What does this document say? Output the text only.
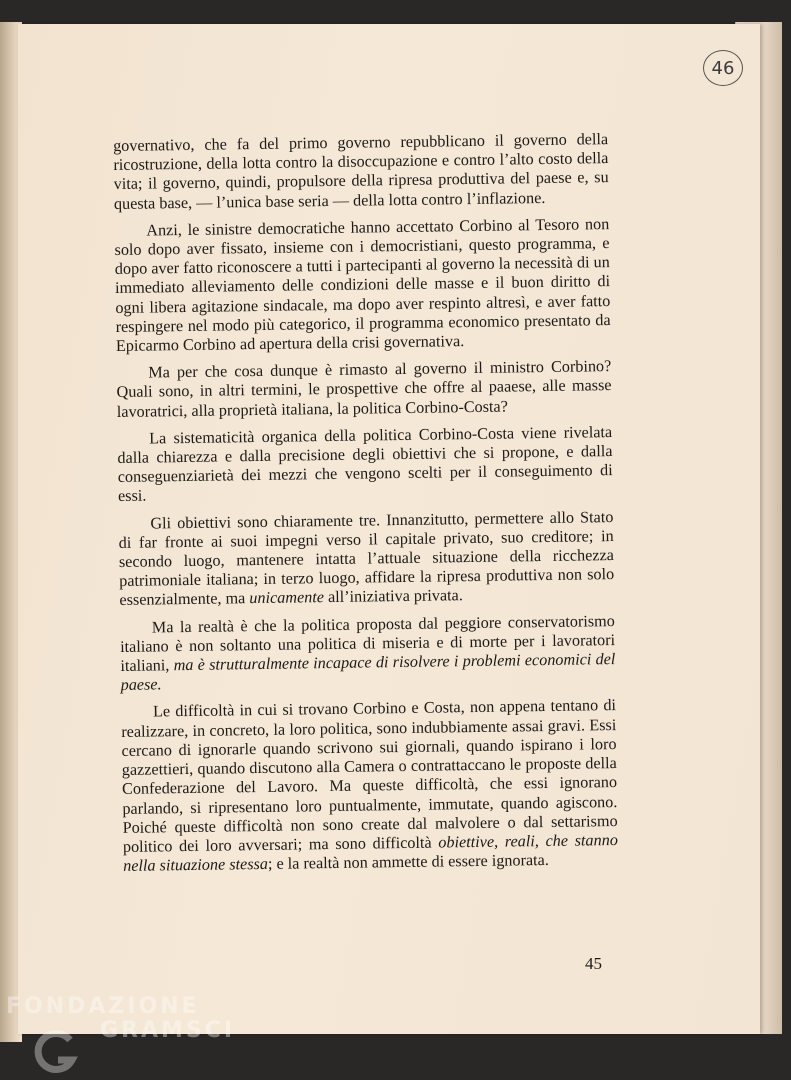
46

governativo, che fa del primo governo repubblicano il governo della ricostruzione, della lotta contro la disoccupazione e contro l’alto costo della vita; il governo, quindi, propulsore della ripresa produttiva del paese e, su questa base, — l’unica base seria — della lotta contro l’inflazione.

Anzi, le sinistre democratiche hanno accettato Corbino al Tesoro non solo dopo aver fissato, insieme con i democristiani, questo programma, e dopo aver fatto riconoscere a tutti i partecipanti al governo la necessità di un immediato alleviamento delle condizioni delle masse e il buon diritto di ogni libera agitazione sindacale, ma dopo aver respinto altresì, e aver fatto respingere nel modo più categorico, il programma economico presentato da Epicarmo Corbino ad apertura della crisi governativa.

Ma per che cosa dunque è rimasto al governo il ministro Corbino? Quali sono, in altri termini, le prospettive che offre al paaese, alle masse lavoratrici, alla proprietà italiana, la politica Corbino-Costa?

La sistematicità organica della politica Corbino-Costa viene rivelata dalla chiarezza e dalla precisione degli obiettivi che si propone, e dalla conseguenziarietà dei mezzi che vengono scelti per il conseguimento di essi.

Gli obiettivi sono chiaramente tre. Innanzitutto, permettere allo Stato di far fronte ai suoi impegni verso il capitale privato, suo creditore; in secondo luogo, mantenere intatta l’attuale situazione della ricchezza patrimoniale italiana; in terzo luogo, affidare la ripresa produttiva non solo essenzialmente, ma unicamente all’iniziativa privata.

Ma la realtà è che la politica proposta dal peggiore conservatorismo italiano è non soltanto una politica di miseria e di morte per i lavoratori italiani, ma è strutturalmente incapace di risolvere i problemi economici del paese.

Le difficoltà in cui si trovano Corbino e Costa, non appena tentano di realizzare, in concreto, la loro politica, sono indubbiamente assai gravi. Essi cercano di ignorarle quando scrivono sui giornali, quando ispirano i loro gazzettieri, quando discutono alla Camera o contrattaccano le proposte della Confederazione del Lavoro. Ma queste difficoltà, che essi ignorano parlando, si ripresentano loro puntualmente, immutate, quando agiscono. Poiché queste difficoltà non sono create dal malvolere o dal settarismo politico dei loro avversari; ma sono difficoltà obiettive, reali, che stanno nella situazione stessa; e la realtà non ammette di essere ignorata.

45
FONDAZIONE
GRAMSCI
